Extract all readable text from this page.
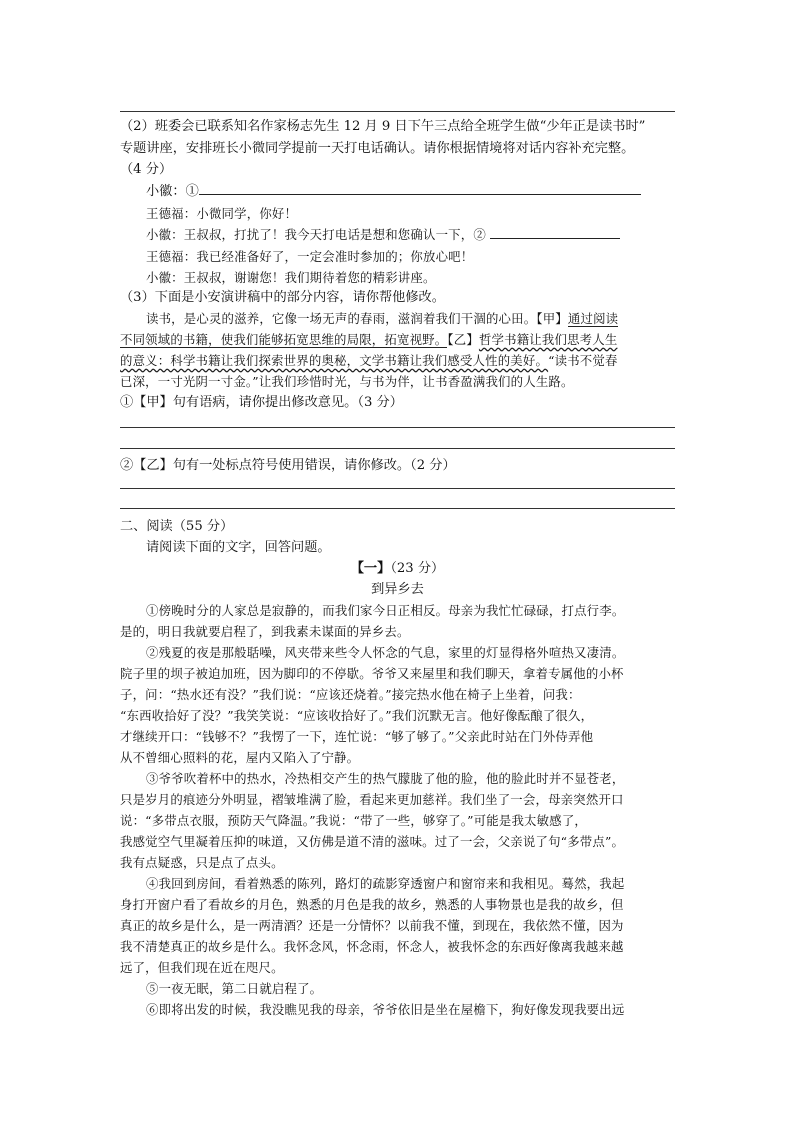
（2）班委会已联系知名作家杨志先生 12 月 9 日下午三点给全班学生做“少年正是读书时”
专题讲座，安排班长小微同学提前一天打电话确认。请你根据情境将对话内容补充完整。
（4 分）
小徽：①
王德福：小微同学，你好！
小徽：王叔叔，打扰了！我今天打电话是想和您确认一下，②
王德福：我已经准备好了，一定会准时参加的；你放心吧！
小徽：王叔叔，谢谢您！我们期待着您的精彩讲座。
（3）下面是小安演讲稿中的部分内容，请你帮他修改。
读书，是心灵的滋养，它像一场无声的春雨，滋润着我们干涸的心田。【甲】通过阅读
不同领域的书籍，使我们能够拓宽思维的局限，拓宽视野。【乙】哲学书籍让我们思考人生
的意义：科学书籍让我们探索世界的奥秘，文学书籍让我们感受人性的美好。“读书不觉春
已深，一寸光阴一寸金。”让我们珍惜时光，与书为伴，让书香盈满我们的人生路。
①【甲】句有语病，请你提出修改意见。（3 分）
②【乙】句有一处标点符号使用错误，请你修改。（2 分）
二、阅读（55 分）
请阅读下面的文字，回答问题。
【一】（23 分）
到异乡去
①傍晚时分的人家总是寂静的，而我们家今日正相反。母亲为我忙忙碌碌，打点行李。
是的，明日我就要启程了，到我素未谋面的异乡去。
②残夏的夜是那般聒噪，风夹带来些令人怀念的气息，家里的灯显得格外喧热又凄清。
院子里的坝子被迫加班，因为脚印的不停歇。爷爷又来屋里和我们聊天，拿着专属他的小杯
子，问：“热水还有没？”我们说：“应该还烧着。”接完热水他在椅子上坐着，问我：
“东西收拾好了没？”我笑笑说：“应该收拾好了。”我们沉默无言。他好像酝酿了很久，
才继续开口：“钱够不？”我愣了一下，连忙说：“够了够了。”父亲此时站在门外侍弄他
从不曾细心照料的花，屋内又陷入了宁静。
③爷爷吹着杯中的热水，冷热相交产生的热气朦胧了他的脸，他的脸此时并不显苍老，
只是岁月的痕迹分外明显，褶皱堆满了脸，看起来更加慈祥。我们坐了一会，母亲突然开口
说：“多带点衣服，预防天气降温。”我说：“带了一些，够穿了。”可能是我太敏感了，
我感觉空气里凝着压抑的味道，又仿佛是道不清的滋味。过了一会，父亲说了句“多带点”。
我有点疑惑，只是点了点头。
④我回到房间，看着熟悉的陈列，路灯的疏影穿透窗户和窗帘来和我相见。蓦然，我起
身打开窗户看了看故乡的月色，熟悉的月色是我的故乡，熟悉的人事物景也是我的故乡，但
真正的故乡是什么，是一两清酒？还是一分情怀？以前我不懂，到现在，我依然不懂，因为
我不清楚真正的故乡是什么。我怀念风，怀念雨，怀念人，被我怀念的东西好像离我越来越
远了，但我们现在近在咫尺。
⑤一夜无眠，第二日就启程了。
⑥即将出发的时候，我没瞧见我的母亲，爷爷依旧是坐在屋檐下，狗好像发现我要出远
